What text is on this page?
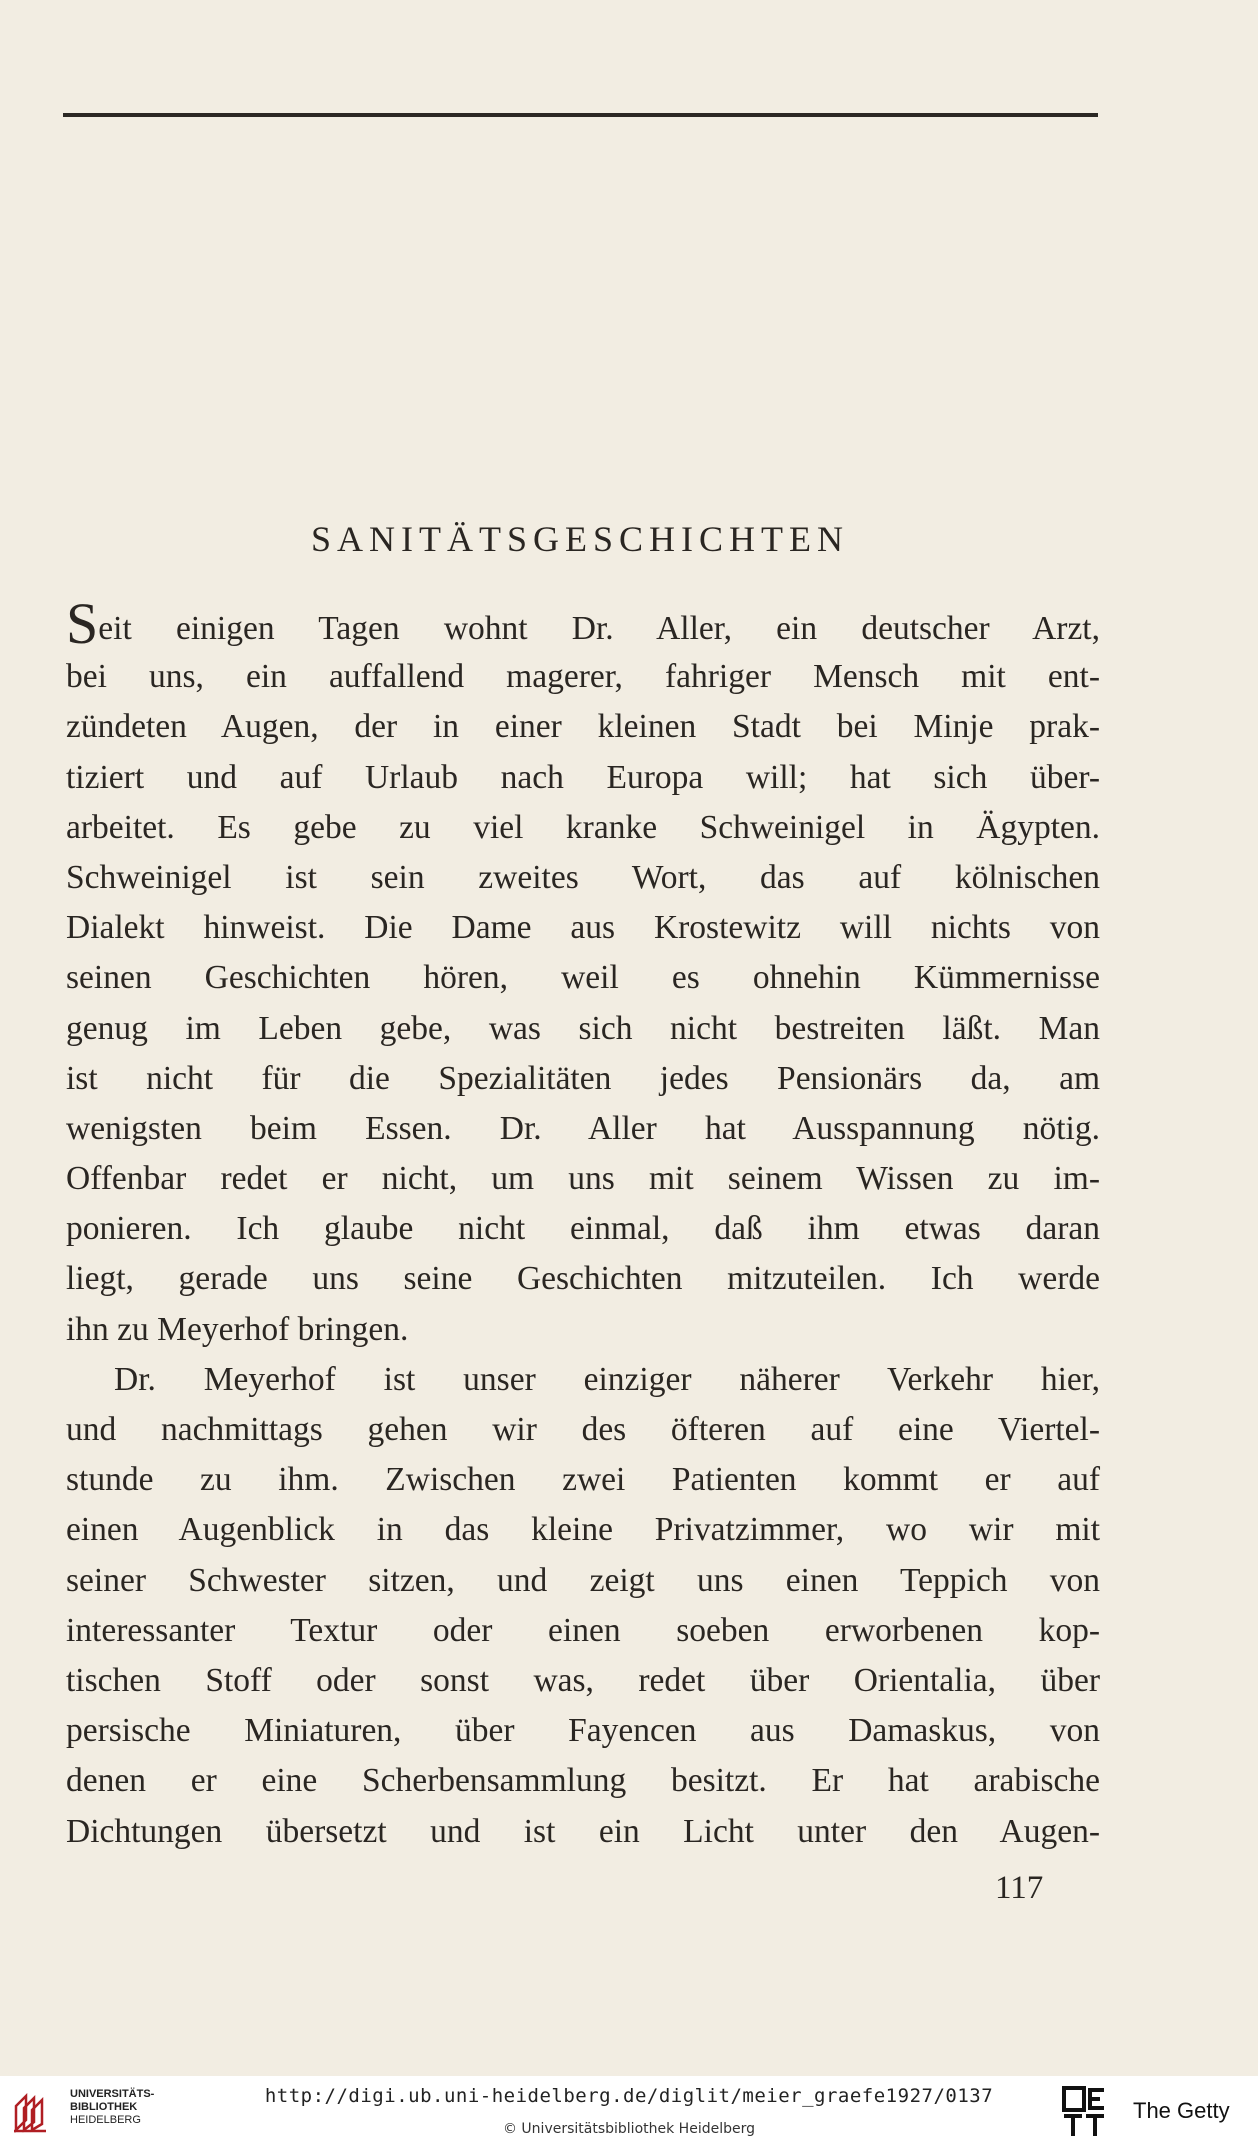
SANITÄTSGESCHICHTEN
Seit einigen Tagen wohnt Dr. Aller, ein deutscher Arzt,
bei uns, ein auffallend magerer, fahriger Mensch mit ent-
zündeten Augen, der in einer kleinen Stadt bei Minje prak-
tiziert und auf Urlaub nach Europa will; hat sich über-
arbeitet. Es gebe zu viel kranke Schweinigel in Ägypten.
Schweinigel ist sein zweites Wort, das auf kölnischen
Dialekt hinweist. Die Dame aus Krostewitz will nichts von
seinen Geschichten hören, weil es ohnehin Kümmernisse
genug im Leben gebe, was sich nicht bestreiten läßt. Man
ist nicht für die Spezialitäten jedes Pensionärs da, am
wenigsten beim Essen. Dr. Aller hat Ausspannung nötig.
Offenbar redet er nicht, um uns mit seinem Wissen zu im-
ponieren. Ich glaube nicht einmal, daß ihm etwas daran
liegt, gerade uns seine Geschichten mitzuteilen. Ich werde
ihn zu Meyerhof bringen.
Dr. Meyerhof ist unser einziger näherer Verkehr hier,
und nachmittags gehen wir des öfteren auf eine Viertel-
stunde zu ihm. Zwischen zwei Patienten kommt er auf
einen Augenblick in das kleine Privatzimmer, wo wir mit
seiner Schwester sitzen, und zeigt uns einen Teppich von
interessanter Textur oder einen soeben erworbenen kop-
tischen Stoff oder sonst was, redet über Orientalia, über
persische Miniaturen, über Fayencen aus Damaskus, von
denen er eine Scherbensammlung besitzt. Er hat arabische
Dichtungen übersetzt und ist ein Licht unter den Augen-
117
UNIVERSITÄTS-
BIBLIOTHEK
HEIDELBERG
http://digi.ub.uni-heidelberg.de/diglit/meier_graefe1927/0137
© Universitätsbibliothek Heidelberg
The Getty
